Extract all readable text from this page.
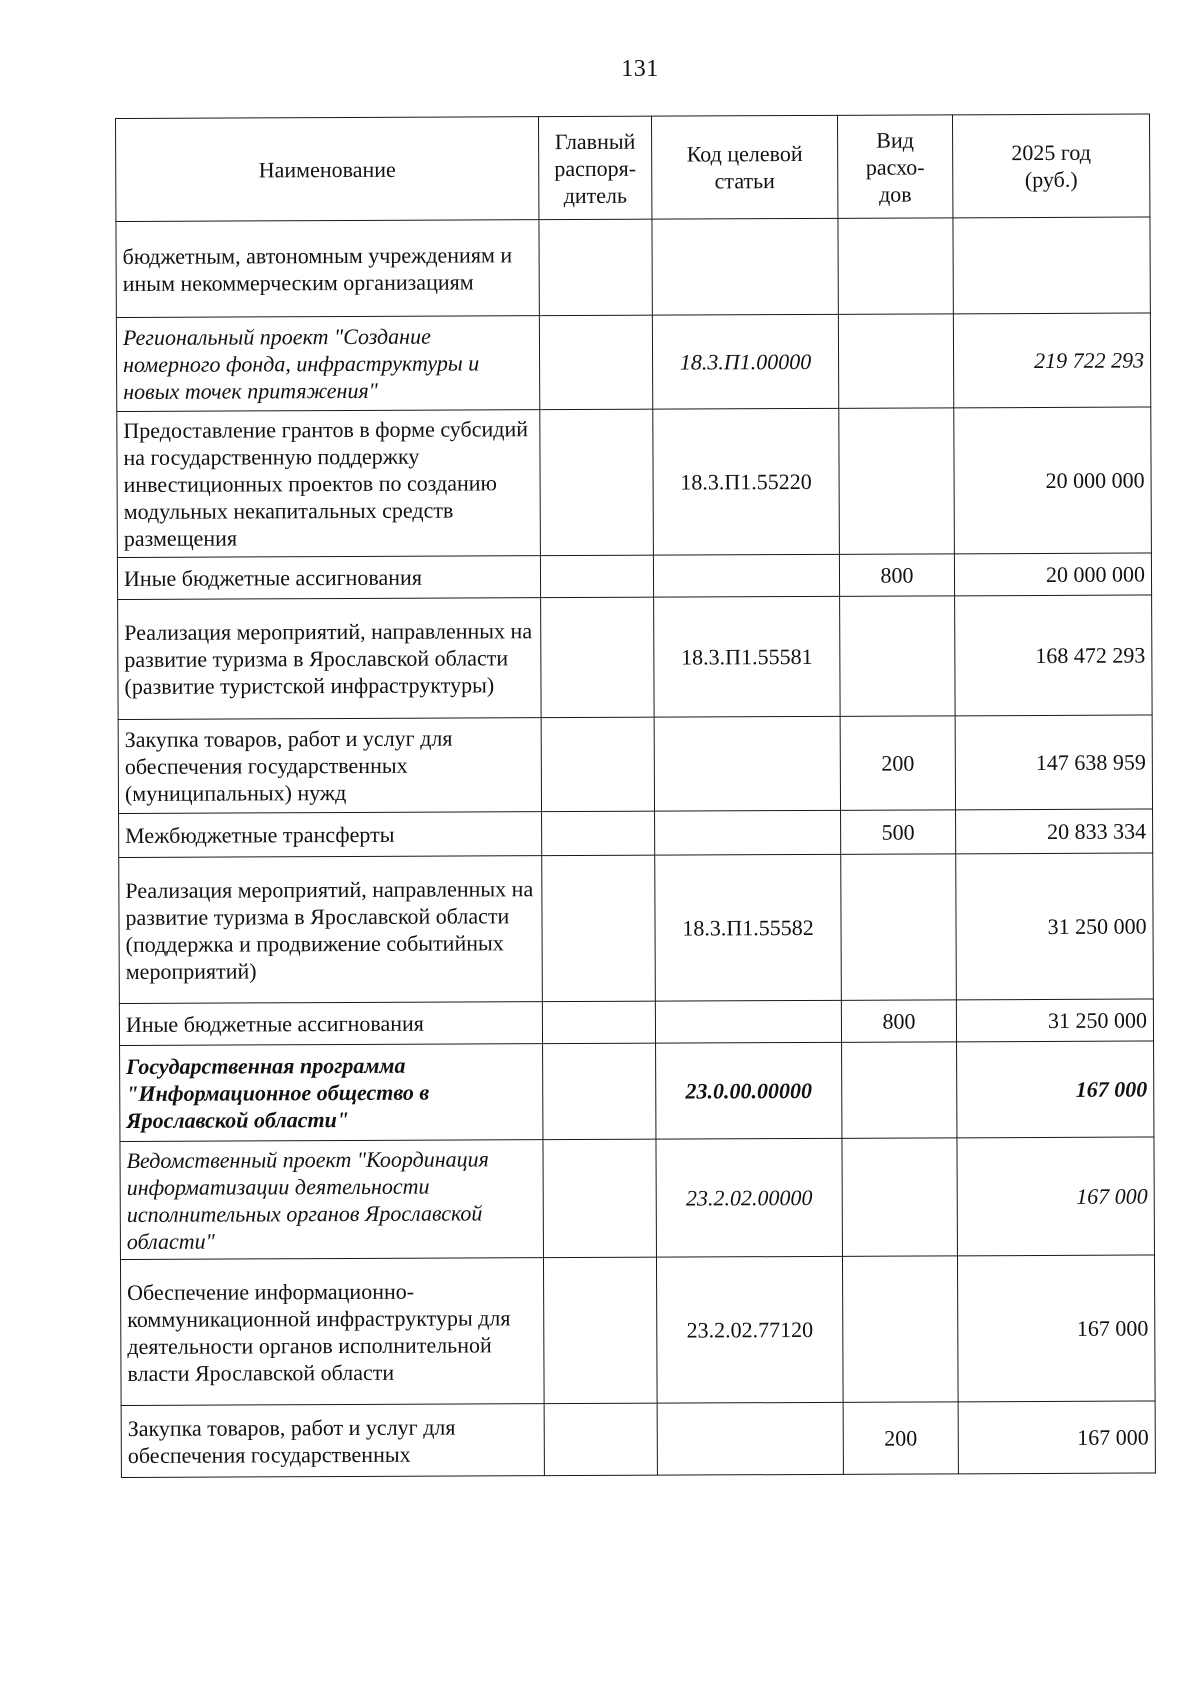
131
Наименование	Главный распоря-дитель	Код целевой статьи	Вид расхо-дов	2025 год (руб.)
бюджетным, автономным учреждениям и иным некоммерческим организациям				
Региональный проект "Создание номерного фонда, инфраструктуры и новых точек притяжения"		18.3.П1.00000		219 722 293
Предоставление грантов в форме субсидий на государственную поддержку инвестиционных проектов по созданию модульных некапитальных средств размещения		18.3.П1.55220		20 000 000
Иные бюджетные ассигнования			800	20 000 000
Реализация мероприятий, направленных на развитие туризма в Ярославской области (развитие туристской инфраструктуры)		18.3.П1.55581		168 472 293
Закупка товаров, работ и услуг для обеспечения государственных (муниципальных) нужд			200	147 638 959
Межбюджетные трансферты			500	20 833 334
Реализация мероприятий, направленных на развитие туризма в Ярославской области (поддержка и продвижение событийных мероприятий)		18.3.П1.55582		31 250 000
Иные бюджетные ассигнования			800	31 250 000
Государственная программа "Информационное общество в Ярославской области"		23.0.00.00000		167 000
Ведомственный проект "Координация информатизации деятельности исполнительных органов Ярославской области"		23.2.02.00000		167 000
Обеспечение информационно-коммуникационной инфраструктуры для деятельности органов исполнительной власти Ярославской области		23.2.02.77120		167 000
Закупка товаров, работ и услуг для обеспечения государственных			200	167 000
